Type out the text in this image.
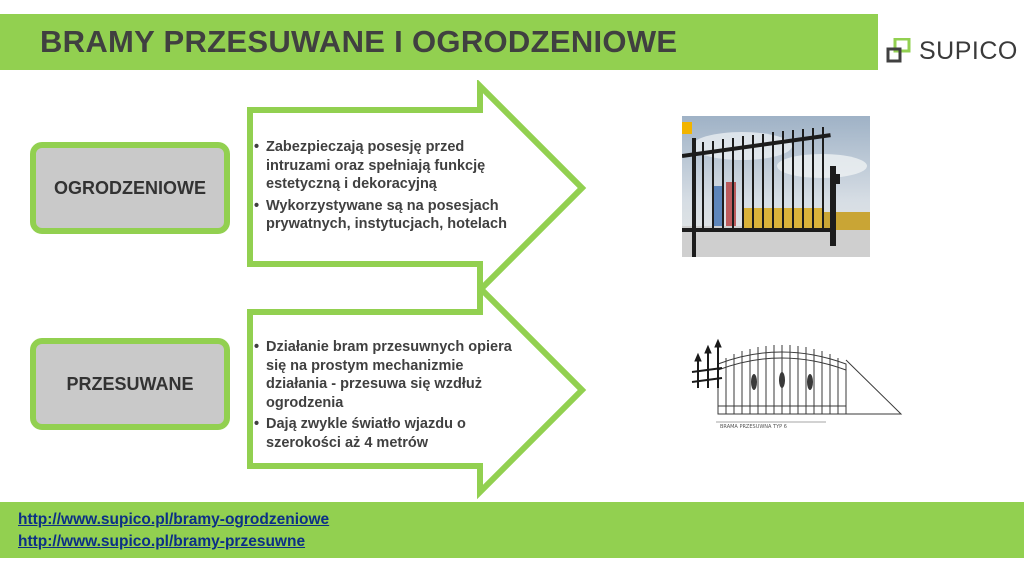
BRAMY PRZESUWANE I OGRODZENIOWE	SUPICO
OGRODZENIOWE
PRZESUWANE
• Zabezpieczają posesję przed intruzami oraz spełniają funkcję estetyczną i dekoracyjną
• Wykorzystywane są na posesjach prywatnych, instytucjach, hotelach
• Działanie bram przesuwnych opiera się na prostym mechanizmie działania - przesuwa się wzdłuż ogrodzenia
• Dają zwykle światło wjazdu o szerokości aż 4 metrów
BRAMA PRZESUWNA TYP 6
http://www.supico.pl/bramy-ogrodzeniowe
http://www.supico.pl/bramy-przesuwne
